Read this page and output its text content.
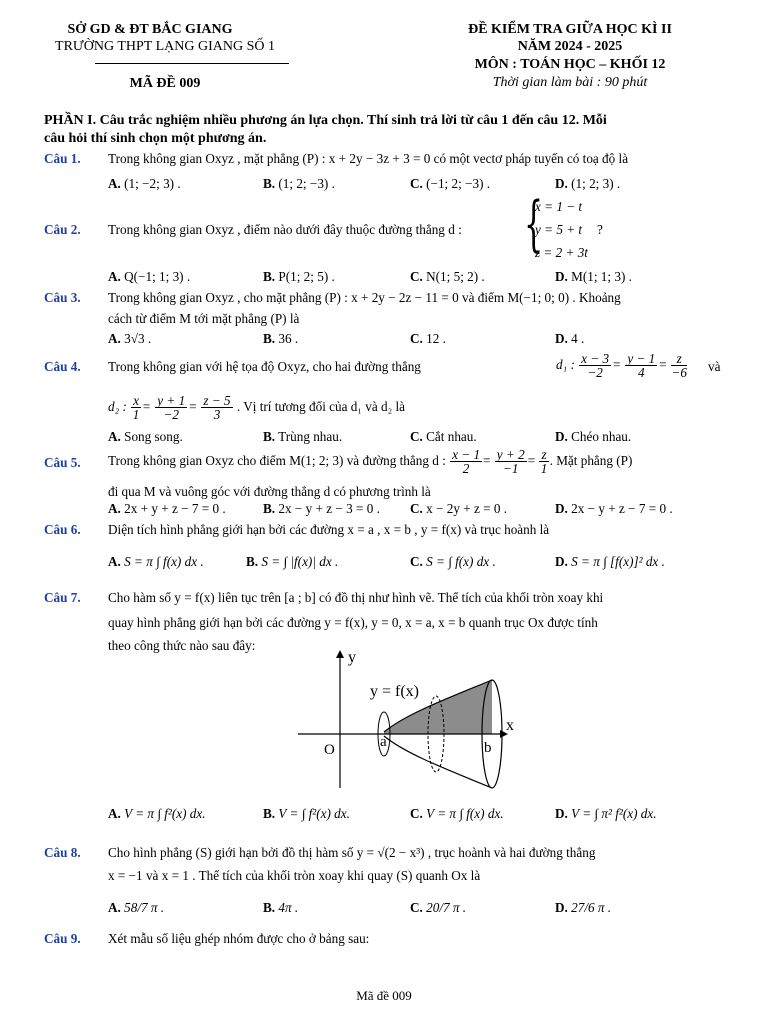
SỞ GD & ĐT BẮC GIANG
TRƯỜNG THPT LẠNG GIANG SỐ 1
MÃ ĐỀ 009
ĐỀ KIỂM TRA GIỮA HỌC KÌ II
NĂM 2024 - 2025
MÔN : TOÁN HỌC – KHỐI 12
Thời gian làm bài : 90 phút
PHẦN I. Câu trắc nghiệm nhiều phương án lựa chọn. Thí sinh trả lời từ câu 1 đến câu 12. Mỗi
câu hỏi thí sinh chọn một phương án.
Câu 1. Trong không gian Oxyz , mặt phẳng (P) : x + 2y − 3z + 3 = 0 có một vectơ pháp tuyến có toạ độ là
A. (1; −2; 3) .	B. (1; 2; −3) .	C. (−1; 2; −3) .	D. (1; 2; 3) .
Câu 2. Trong không gian Oxyz , điểm nào dưới đây thuộc đường thẳng d : {
x = 1 − t
y = 5 + t
z = 2 + 3t
?
A. Q(−1; 1; 3) .	B. P(1; 2; 5) .	C. N(1; 5; 2) .	D. M(1; 1; 3) .
Câu 3. Trong không gian Oxyz , cho mặt phẳng (P) : x + 2y − 2z − 11 = 0 và điểm M(−1; 0; 0) . Khoảng
cách từ điểm M tới mặt phẳng (P) là
A. 3√3 .	B. 36 .	C. 12 .	D. 4 .
Câu 4. Trong không gian với hệ tọa độ Oxyz, cho hai đường thẳng	d₁ : $\frac{x - 3}{-2} = \frac{y - 1}{4} = \frac{z}{-6}$ và
d₂ : $\frac{x}{1} = \frac{y + 1}{-2} = \frac{z - 5}{3}$ . Vị trí tương đối của d₁ và d₂ là
A. Song song.	B. Trùng nhau.	C. Cắt nhau.	D. Chéo nhau.
Câu 5. Trong không gian Oxyz cho điểm M(1; 2; 3) và đường thẳng d : $\frac{x - 1}{2} = \frac{y + 2}{-1} = \frac{z}{1}$ . Mặt phẳng (P)
đi qua M và vuông góc với đường thẳng d có phương trình là
A. 2x + y + z − 7 = 0 .	B. 2x − y + z − 3 = 0 . C. x − 2y + z = 0 .	D. 2x − y + z − 7 = 0 .
Câu 6. Diện tích hình phẳng giới hạn bởi các đường x = a , x = b , y = f(x) và trục hoành là
A. S = π ∫ f(x) dx .	B. S = ∫ |f(x)| dx .	C. S = ∫ f(x) dx .	D. S = π ∫ [f(x)]² dx .
Câu 7. Cho hàm số y = f(x) liên tục trên [a ; b] có đồ thị như hình vẽ. Thể tích của khối tròn xoay khi
quay hình phẳng giới hạn bởi các đường y = f(x), y = 0, x = a, x = b quanh trục Ox được tính
theo công thức nào sau đây:
y
x
O	a	b
y = f(x)
A. V = π ∫ f²(x) dx.	B. V = ∫ f²(x) dx.	C. V = π ∫ f(x) dx.	D. V = ∫ π² f²(x) dx.
Câu 8. Cho hình phẳng (S) giới hạn bởi đồ thị hàm số y = √(2 − x³) , trục hoành và hai đường thẳng
x = −1 và x = 1 . Thể tích của khối tròn xoay khi quay (S) quanh Ox là
A. 58/7 π .	B. 4π .	C. 20/7 π .	D. 27/6 π .
Câu 9. Xét mẫu số liệu ghép nhóm được cho ở bảng sau:
Mã đề 009
